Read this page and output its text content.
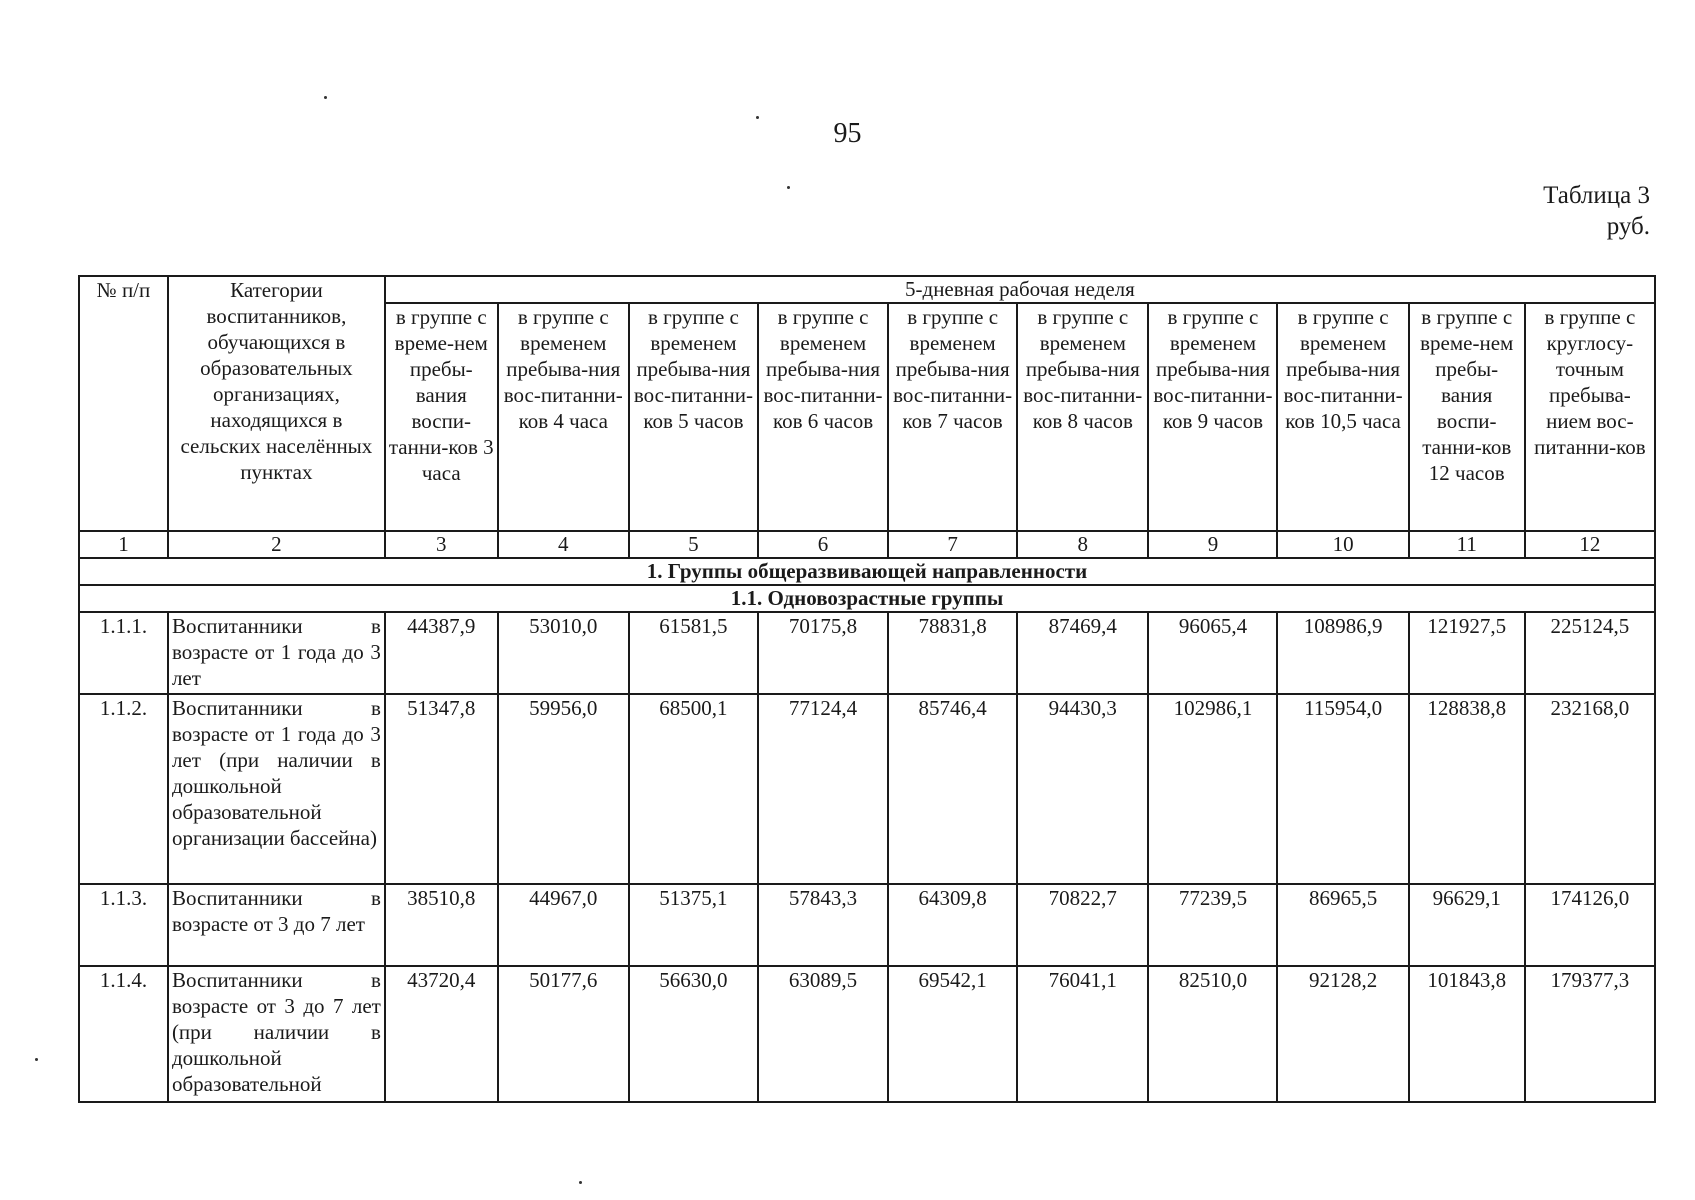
95
Таблица 3
руб.
№ п/п	Категории воспитанников, обучающихся в образовательных организациях, находящихся в сельских населённых пунктах	5-дневная рабочая неделя									
		в группе с време-нем пребы-вания воспи-танни-ков 3 часа	в группе с временем пребыва-ния вос-питанни-ков 4 часа	в группе с временем пребыва-ния вос-питанни-ков 5 часов	в группе с временем пребыва-ния вос-питанни-ков 6 часов	в группе с временем пребыва-ния вос-питанни-ков 7 часов	в группе с временем пребыва-ния вос-питанни-ков 8 часов	в группе с временем пребыва-ния вос-питанни-ков 9 часов	в группе с временем пребыва-ния вос-питанни-ков 10,5 часа	в группе с време-нем пребы-вания воспи-танни-ков 12 часов	в группе с круглосу-точным пребыва-нием вос-питанни-ков
1	2	3	4	5	6	7	8	9	10	11	12
1. Группы общеразвивающей направленности											
1.1. Одновозрастные группы											
1.1.1.	Воспитанники в возрасте от 1 года до 3 лет	44387,9	53010,0	61581,5	70175,8	78831,8	87469,4	96065,4	108986,9	121927,5	225124,5
1.1.2.	Воспитанники в возрасте от 1 года до 3 лет (при наличии в дошкольной образовательной организации бассейна)	51347,8	59956,0	68500,1	77124,4	85746,4	94430,3	102986,1	115954,0	128838,8	232168,0
1.1.3.	Воспитанники в возрасте от 3 до 7 лет	38510,8	44967,0	51375,1	57843,3	64309,8	70822,7	77239,5	86965,5	96629,1	174126,0
1.1.4.	Воспитанники в возрасте от 3 до 7 лет (при наличии в дошкольной образовательной	43720,4	50177,6	56630,0	63089,5	69542,1	76041,1	82510,0	92128,2	101843,8	179377,3
